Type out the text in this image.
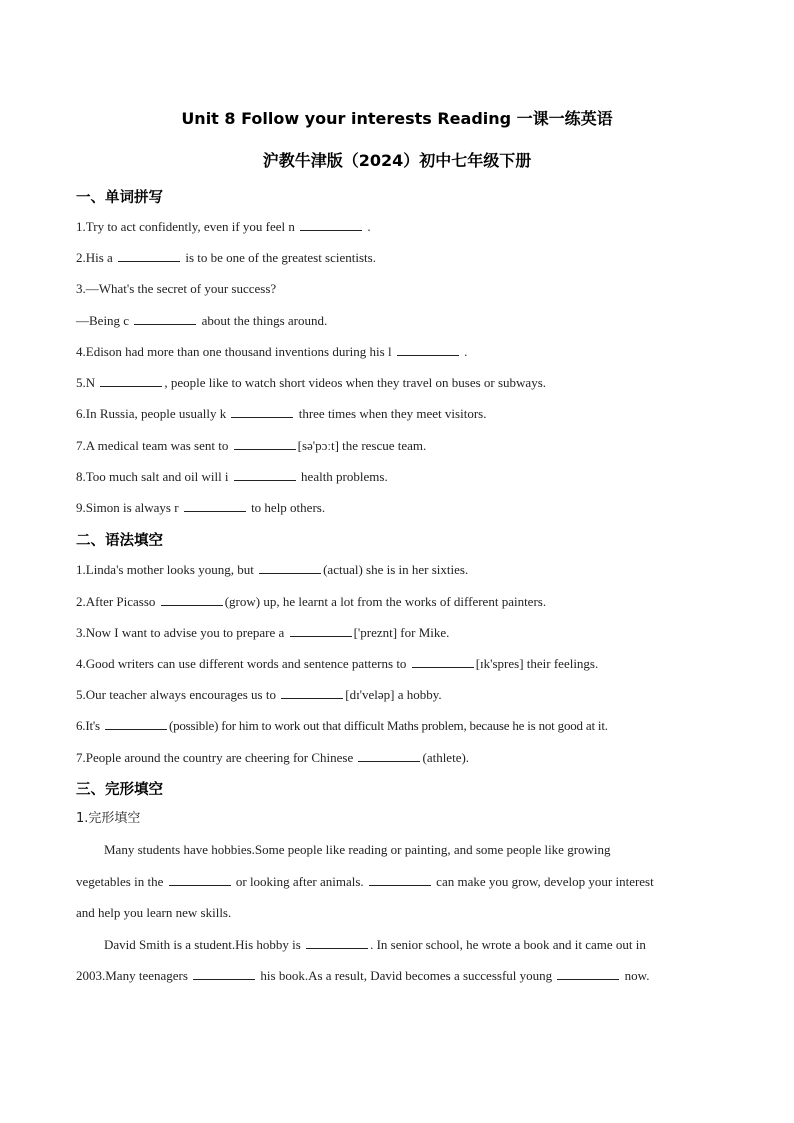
Unit 8 Follow your interests Reading 一课一练英语
沪教牛津版（2024）初中七年级下册
一、单词拼写
1.Try to act confidently, even if you feel n	.
2.His a	is to be one of the greatest scientists.
3.—What's the secret of your success?
—Being c	about the things around.
4.Edison had more than one thousand inventions during his l	.
5.N	, people like to watch short videos when they travel on buses or subways.
6.In Russia, people usually k	three times when they meet visitors.
7.A medical team was sent to	[sə'pɔːt] the rescue team.
8.Too much salt and oil will i	health problems.
9.Simon is always r	to help others.
二、语法填空
1.Linda's mother looks young, but	(actual) she is in her sixties.
2.After Picasso	(grow) up, he learnt a lot from the works of different painters.
3.Now I want to advise you to prepare a	['preznt] for Mike.
4.Good writers can use different words and sentence patterns to	[ɪk'spres] their feelings.
5.Our teacher always encourages us to	[dɪ'veləp] a hobby.
6.It's	(possible) for him to work out that difficult Maths problem, because he is not good at it.
7.People around the country are cheering for Chinese	(athlete).
三、完形填空
1.完形填空
Many students have hobbies.Some people like reading or painting, and some people like growing
vegetables in the	or looking after animals.	can make you grow, develop your interest
and help you learn new skills.
David Smith is a student.His hobby is	. In senior school, he wrote a book and it came out in
2003.Many teenagers	his book.As a result, David becomes a successful young	now.
